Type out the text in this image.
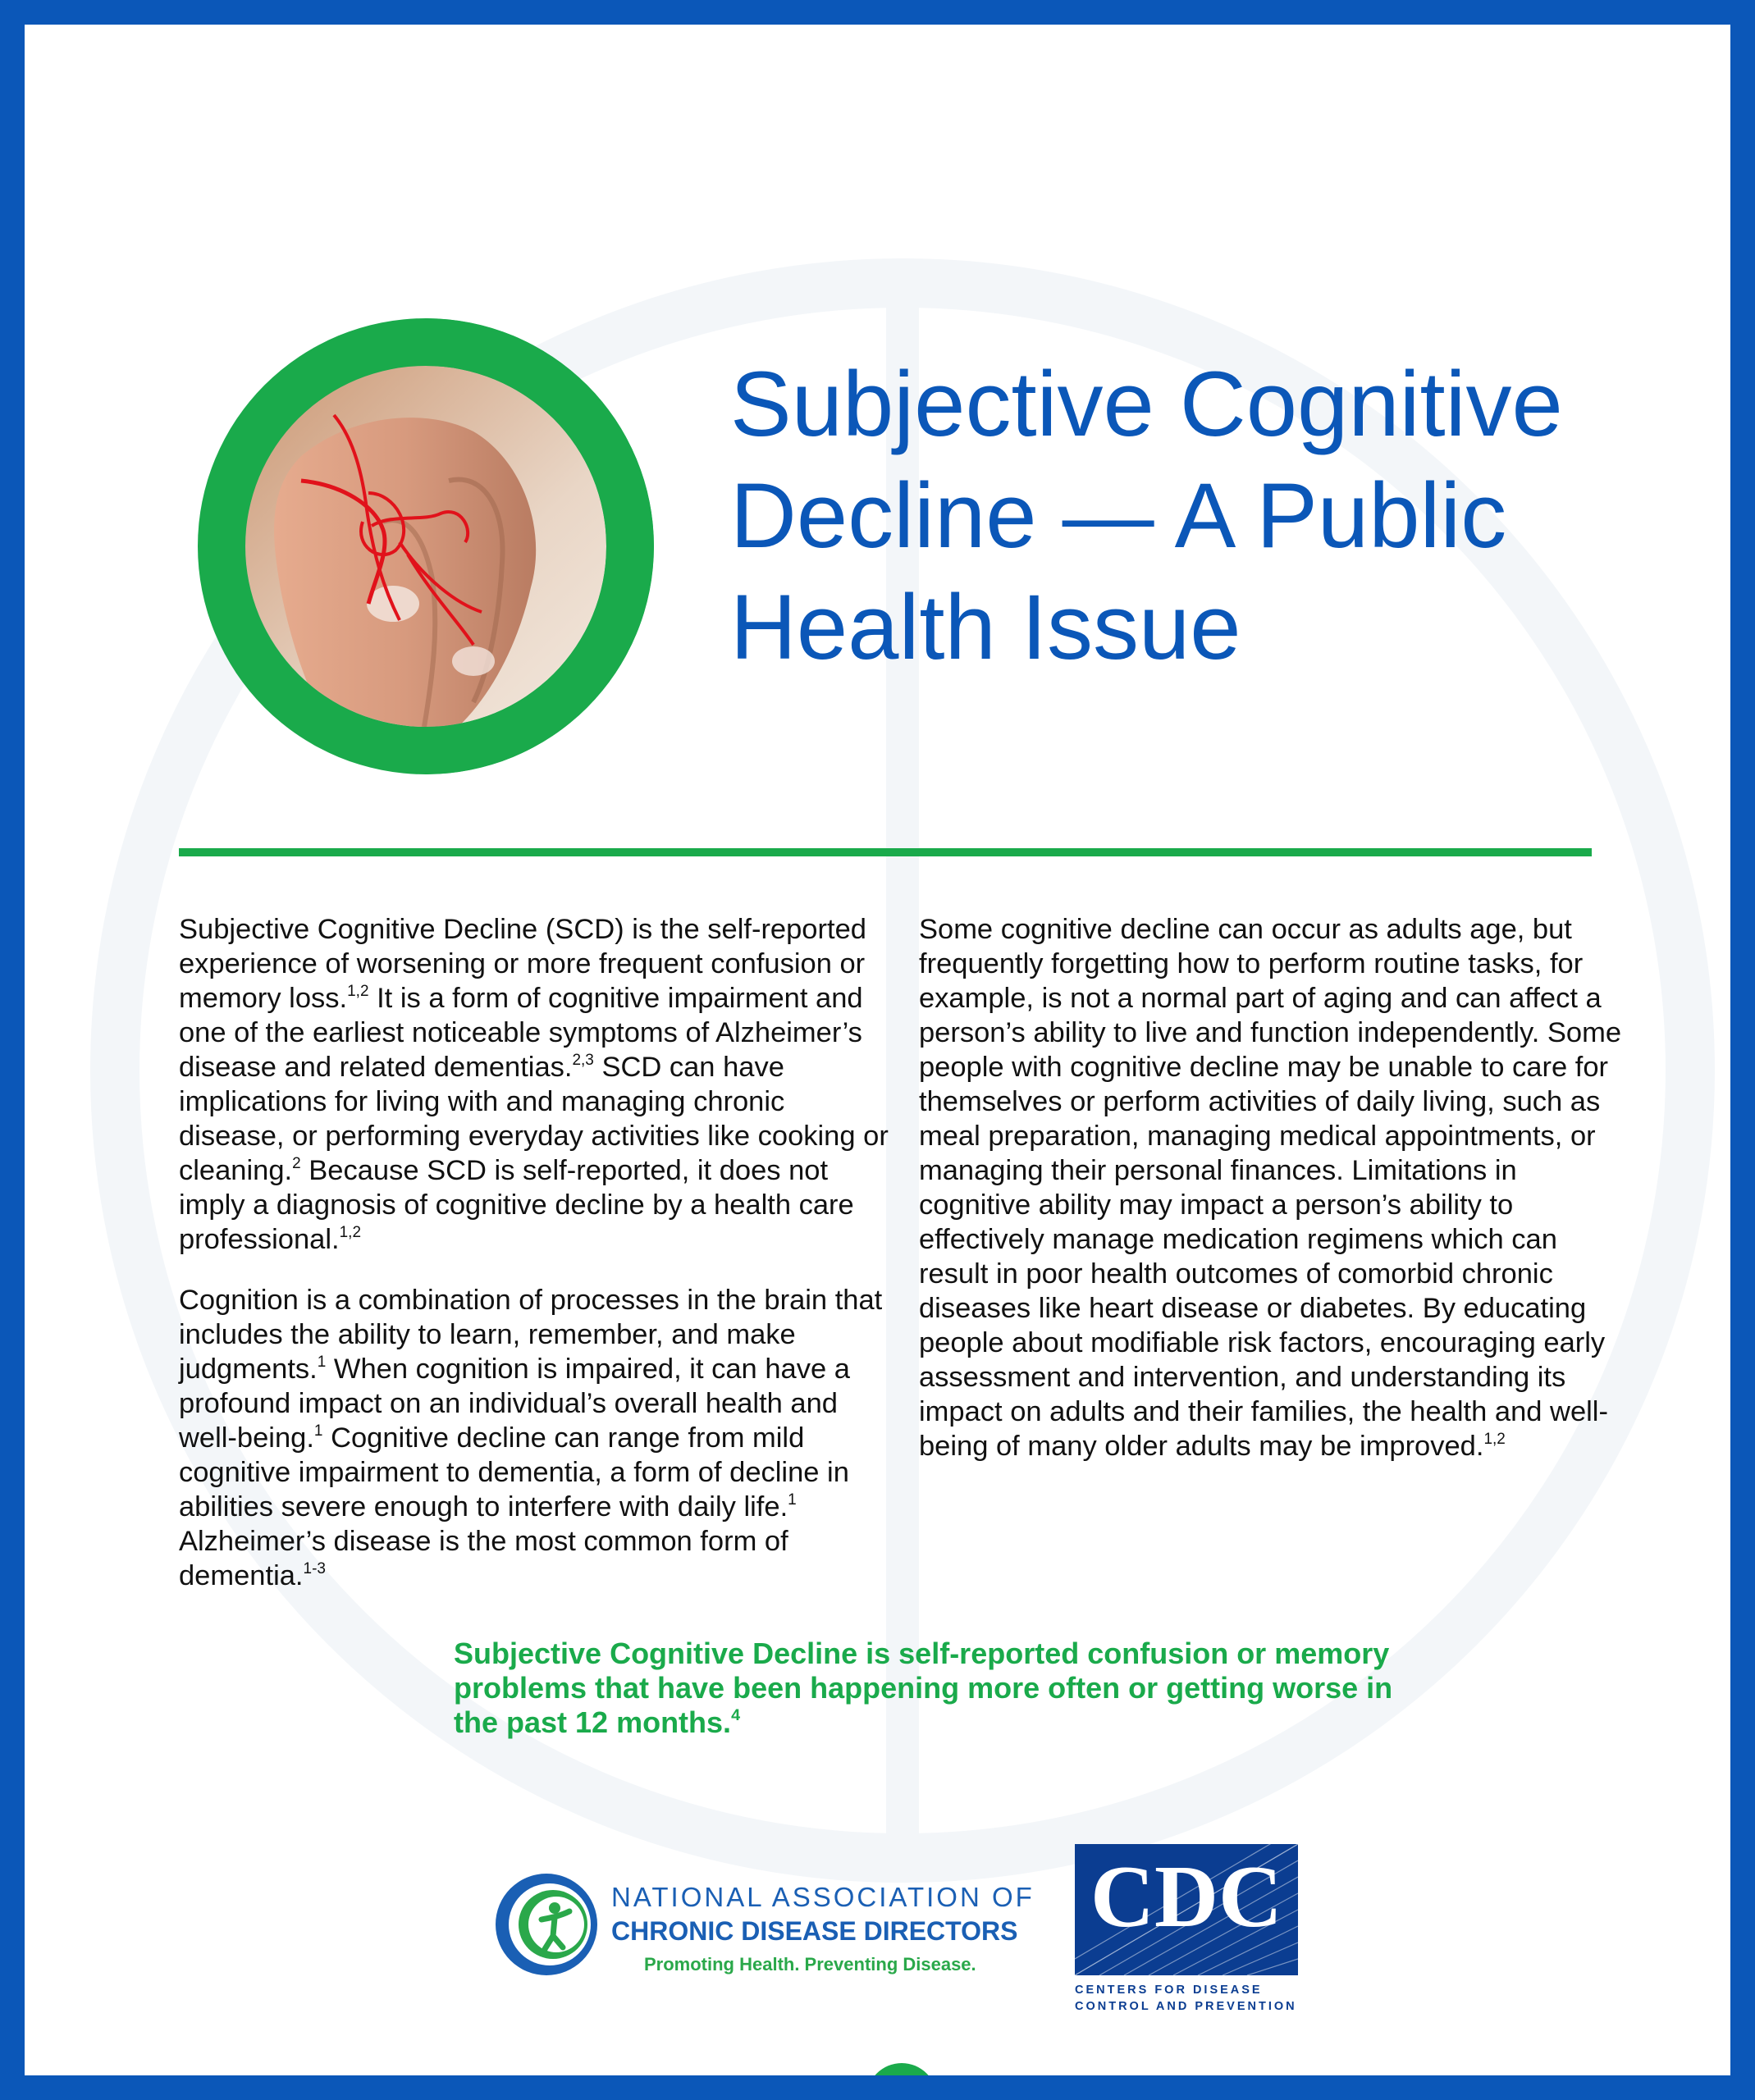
Subjective Cognitive Decline — A Public Health Issue

Subjective Cognitive Decline (SCD) is the self-reported experience of worsening or more frequent confusion or memory loss.$^{1,2}$ It is a form of cognitive impairment and one of the earliest noticeable symptoms of Alzheimer’s disease and related dementias.$^{2,3}$ SCD can have implications for living with and managing chronic disease, or performing everyday activities like cooking or cleaning.$^2$ Because SCD is self-reported, it does not imply a diagnosis of cognitive decline by a health care professional.$^{1,2}$

Cognition is a combination of processes in the brain that includes the ability to learn, remember, and make judgments.$^1$ When cognition is impaired, it can have a profound impact on an individual’s overall health and well-being.$^1$ Cognitive decline can range from mild cognitive impairment to dementia, a form of decline in abilities severe enough to interfere with daily life.$^1$ Alzheimer’s disease is the most common form of dementia.$^{1-3}$

Some cognitive decline can occur as adults age, but frequently forgetting how to perform routine tasks, for example, is not a normal part of aging and can affect a person’s ability to live and function independently. Some people with cognitive decline may be unable to care for themselves or perform activities of daily living, such as meal preparation, managing medical appointments, or managing their personal finances. Limitations in cognitive ability may impact a person’s ability to effectively manage medication regimens which can result in poor health outcomes of comorbid chronic diseases like heart disease or diabetes. By educating people about modifiable risk factors, encouraging early assessment and intervention, and understanding its impact on adults and their families, the health and well-being of many older adults may be improved.$^{1,2}$

Subjective Cognitive Decline is self-reported confusion or memory problems that have been happening more often or getting worse in the past 12 months.$^4$
NATIONAL ASSOCIATION OF
CHRONIC DISEASE DIRECTORS
Promoting Health. Preventing Disease.
CDC
CENTERS FOR DISEASE
CONTROL AND PREVENTION
1
